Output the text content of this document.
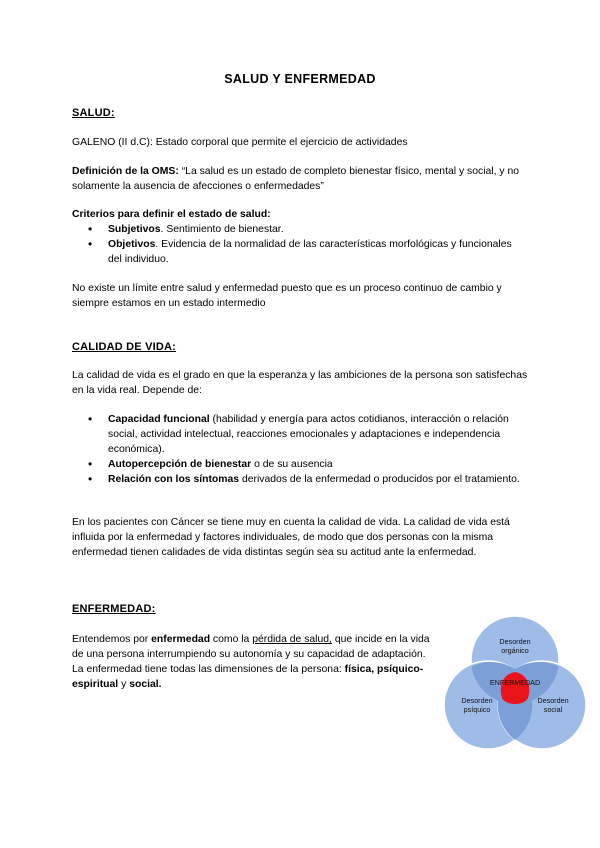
SALUD Y ENFERMEDAD
SALUD:
GALENO (II d.C): Estado corporal que permite el ejercicio de actividades
Definición de la OMS: “La salud es un estado de completo bienestar físico, mental y social, y no solamente la ausencia de afecciones o enfermedades”
Criterios para definir el estado de salud:
• Subjetivos. Sentimiento de bienestar.
• Objetivos. Evidencia de la normalidad de las características morfológicas y funcionales del individuo.
No existe un límite entre salud y enfermedad puesto que es un proceso continuo de cambio y siempre estamos en un estado intermedio
CALIDAD DE VIDA:
La calidad de vida es el grado en que la esperanza y las ambiciones de la persona son satisfechas en la vida real. Depende de:
• Capacidad funcional (habilidad y energía para actos cotidianos, interacción o relación social, actividad intelectual, reacciones emocionales y adaptaciones e independencia económica).
• Autopercepción de bienestar o de su ausencia
• Relación con los síntomas derivados de la enfermedad o producidos por el tratamiento.
En los pacientes con Cáncer se tiene muy en cuenta la calidad de vida. La calidad de vida está influida por la enfermedad y factores individuales, de modo que dos personas con la misma enfermedad tienen calidades de vida distintas según sea su actitud ante la enfermedad.
ENFERMEDAD:
Entendemos por enfermedad como la pérdida de salud, que incide en la vida de una persona interrumpiendo su autonomía y su capacidad de adaptación. La enfermedad tiene todas las dimensiones de la persona: física, psíquico-espiritual y social.
Desorden
orgánico
ENFERMEDAD
Desorden
psíquico
Desorden
social
